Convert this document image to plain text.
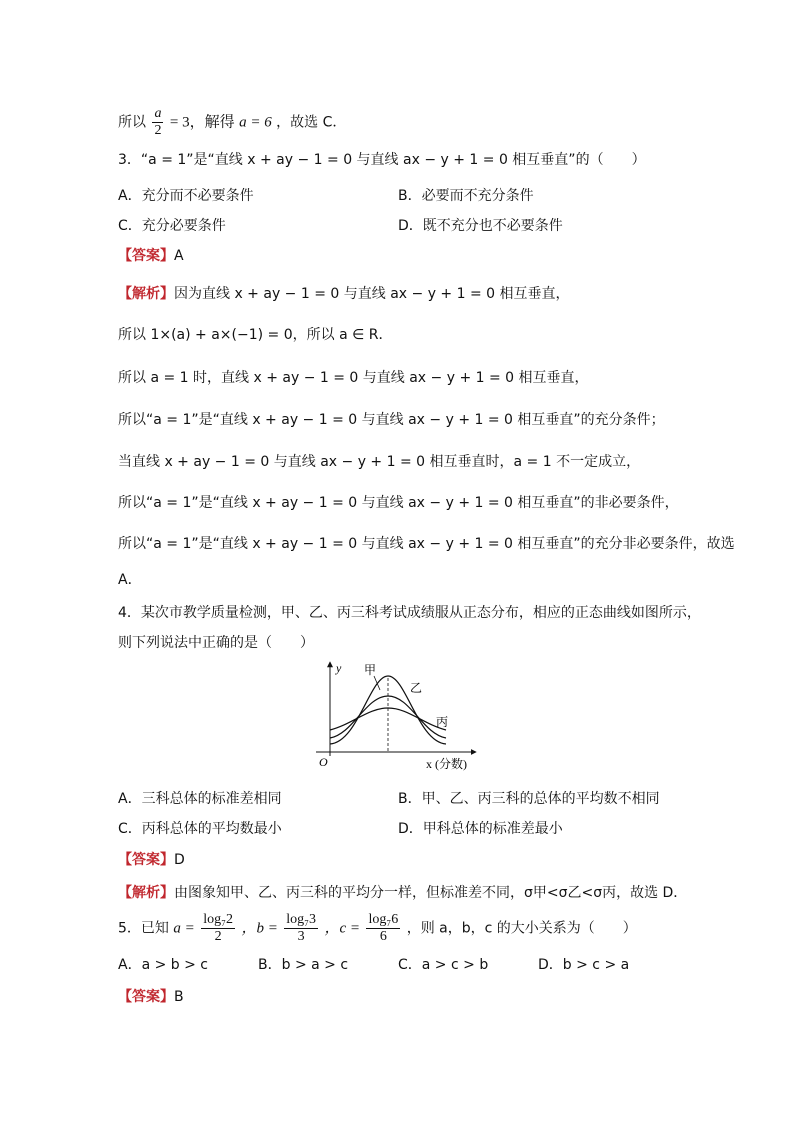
所以 $\frac{a}{2} = 3$，解得 a = 6 ，故选 C．
3．“a = 1”是“直线 x + ay − 1 = 0 与直线 ax − y + 1 = 0 相互垂直”的（　　）
A．充分而不必要条件	B．必要而不充分条件
C．充分必要条件	D．既不充分也不必要条件
【答案】A
【解析】因为直线 x + ay − 1 = 0 与直线 ax − y + 1 = 0 相互垂直，
所以 1×(a) + a×(−1) = 0，所以 a ∈ R．
所以 a = 1 时，直线 x + ay − 1 = 0 与直线 ax − y + 1 = 0 相互垂直，
所以“a = 1”是“直线 x + ay − 1 = 0 与直线 ax − y + 1 = 0 相互垂直”的充分条件；
当直线 x + ay − 1 = 0 与直线 ax − y + 1 = 0 相互垂直时，a = 1 不一定成立，
所以“a = 1”是“直线 x + ay − 1 = 0 与直线 ax − y + 1 = 0 相互垂直”的非必要条件，
所以“a = 1”是“直线 x + ay − 1 = 0 与直线 ax − y + 1 = 0 相互垂直”的充分非必要条件，故选
A．
4．某次市教学质量检测，甲、乙、丙三科考试成绩服从正态分布，相应的正态曲线如图所示，
则下列说法中正确的是（　　）
y
O	x (分数)
甲
乙
丙
A．三科总体的标准差相同	B．甲、乙、丙三科的总体的平均数不相同
C．丙科总体的平均数最小	D．甲科总体的标准差最小
【答案】D
【解析】由图象知甲、乙、丙三科的平均分一样，但标准差不同，σ甲<σ乙<σ丙，故选 D．
5．已知 $a = \frac{\text{log₇2}}{2}$ ，$b = \frac{\text{log₇3}}{3}$ ，$c = \frac{\text{log₇6}}{6}$ ，则 a，b，c 的大小关系为（　　）
A．a > b > c	B．b > a > c	C．a > c > b	D．b > c > a
【答案】B
